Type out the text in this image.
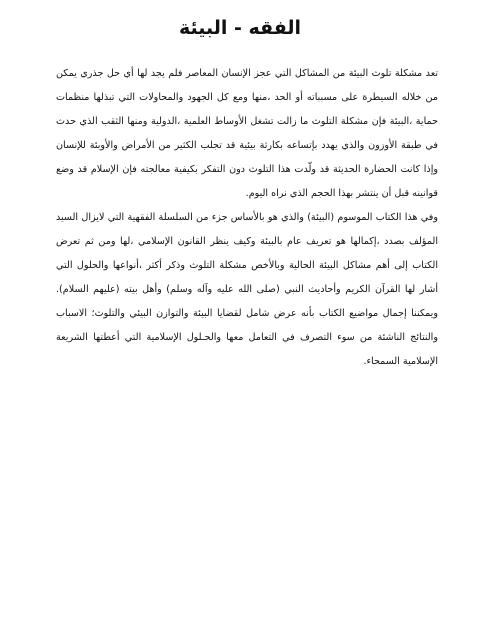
الفقه - البيئة

تعد مشكلة تلوث البيئة من المشاكل التي عجز الإنسان المعاصر فلم يجد لها أي حل جذري يمكن من خلاله السيطرة على مسبباته أو الحد ،منها ومع كل الجهود والمحاولات التي تبذلها منظمات حماية ،البيئة فإن مشكلة التلوث ما زالت تشغل الأوساط العلمية ،الدولية ومنها الثقب الذي حدث في طبقة الأوزون والذي يهدد بإتساعه بكارثة بيئية قد تجلب الكثير من الأمراض والأوبئة للإنسان وإذا كانت الحضارة الحديثة قد ولّدت هذا التلوث دون التفكر بكيفية معالجته فإن الإسلام قد وضع قوانينه قبل أن ينتشر بهذا الحجم الذي نراه اليوم.

وفي هذا الكتاب الموسوم (البيئة) والذي هو بالأساس جزء من السلسلة الفقهية التي لايزال السيد المؤلف بصدد ،إكمالها هو تعريف عام بالبيئة وكيف ينظر القانون الإسلامي ،لها ومن ثم تعرض الكتاب إلى أهم مشاكل البيئة الحالية وبالأخص مشكلة التلوث وذكر أكثر ،أنواعها والحلول التي أشار لها القرآن الكريم وأحاديث النبي (صلى الله عليه وآله وسلم) وأهل بيته (عليهم السلام). ويمكننا إجمال مواضيع الكتاب بأنه عرض شامل لقضايا البيئة والتوازن البيئي والتلوث؛ الاسباب والنتائج الناشئة من سوء التصرف في التعامل معها والحـلول الإسلامية التي أعطتها الشريعة الإسلامية السمحاء.
